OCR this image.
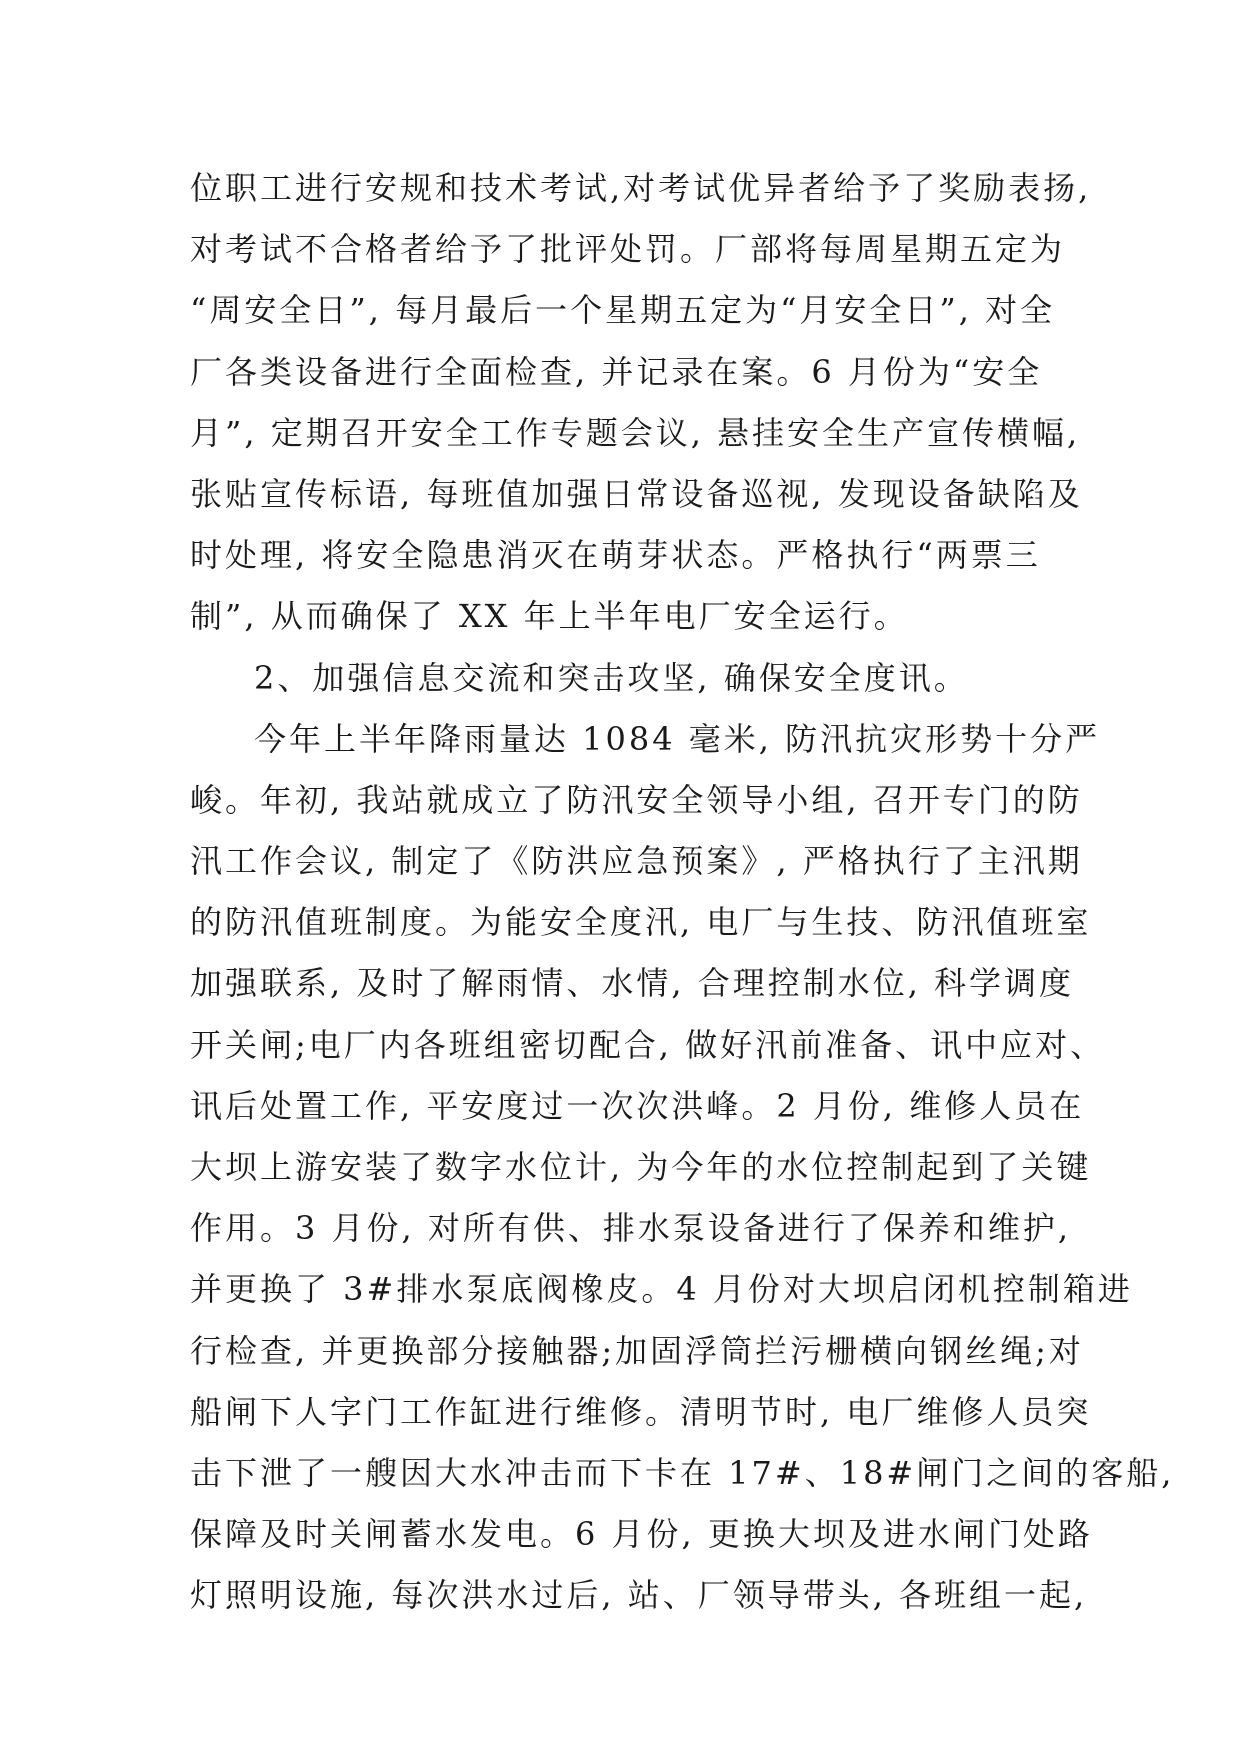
位职工进行安规和技术考试,对考试优异者给予了奖励表扬,
对考试不合格者给予了批评处罚。厂部将每周星期五定为
“周安全日”, 每月最后一个星期五定为“月安全日”, 对全
厂各类设备进行全面检查, 并记录在案。6 月份为“安全
月”, 定期召开安全工作专题会议, 悬挂安全生产宣传横幅,
张贴宣传标语, 每班值加强日常设备巡视, 发现设备缺陷及
时处理, 将安全隐患消灭在萌芽状态。严格执行“两票三
制”, 从而确保了 XX 年上半年电厂安全运行。
2、加强信息交流和突击攻坚, 确保安全度讯。
今年上半年降雨量达 1084 毫米, 防汛抗灾形势十分严
峻。年初, 我站就成立了防汛安全领导小组, 召开专门的防
汛工作会议, 制定了《防洪应急预案》, 严格执行了主汛期
的防汛值班制度。为能安全度汛, 电厂与生技、防汛值班室
加强联系, 及时了解雨情、水情, 合理控制水位, 科学调度
开关闸;电厂内各班组密切配合, 做好汛前准备、讯中应对、
讯后处置工作, 平安度过一次次洪峰。2 月份, 维修人员在
大坝上游安装了数字水位计, 为今年的水位控制起到了关键
作用。3 月份, 对所有供、排水泵设备进行了保养和维护,
并更换了 3#排水泵底阀橡皮。4 月份对大坝启闭机控制箱进
行检查, 并更换部分接触器;加固浮筒拦污栅横向钢丝绳;对
船闸下人字门工作缸进行维修。清明节时, 电厂维修人员突
击下泄了一艘因大水冲击而下卡在 17#、18#闸门之间的客船,
保障及时关闸蓄水发电。6 月份, 更换大坝及进水闸门处路
灯照明设施, 每次洪水过后, 站、厂领导带头, 各班组一起,
